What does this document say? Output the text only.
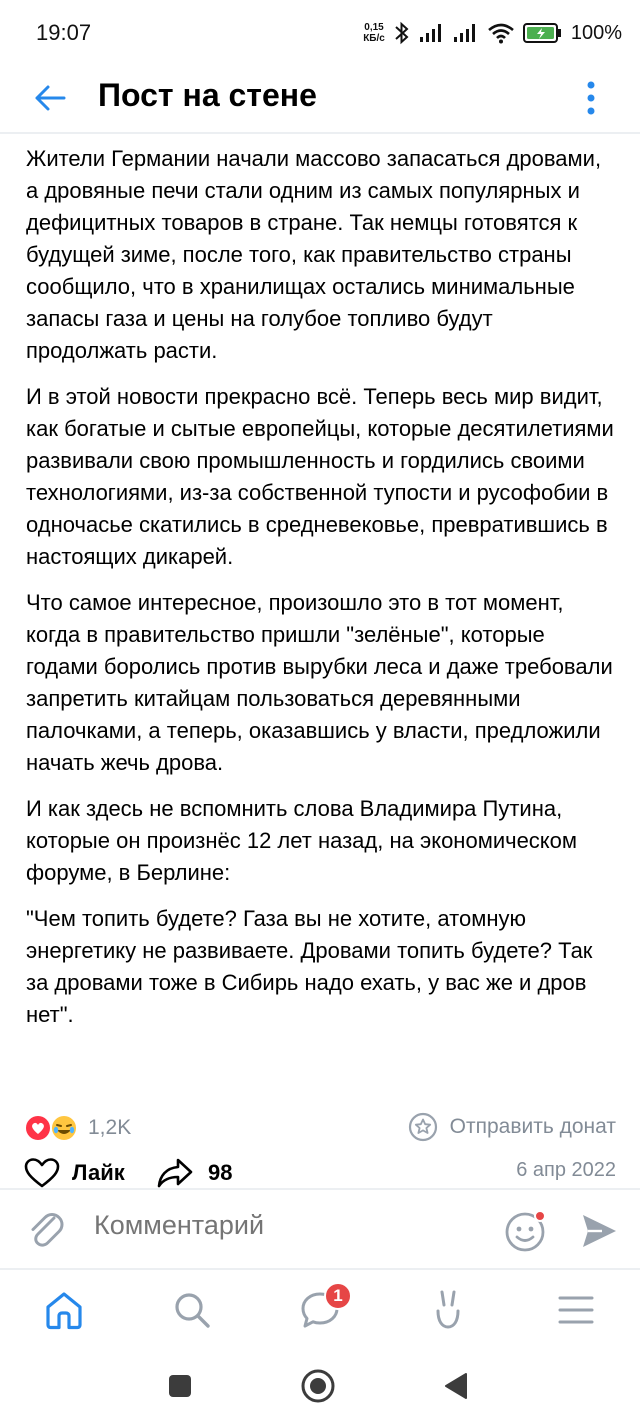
19:07	0,15
КБ/с	100%
Пост на стене

Жители Германии начали массово запасаться дровами, а дровяные печи стали одним из самых популярных и дефицитных товаров в стране. Так немцы готовятся к будущей зиме, после того, как правительство страны сообщило, что в хранилищах остались минимальные запасы газа и цены на голубое топливо будут продолжать расти.

И в этой новости прекрасно всё. Теперь весь мир видит, как богатые и сытые европейцы, которые десятилетиями развивали свою промышленность и гордились своими технологиями, из-за собственной тупости и русофобии в одночасье скатились в средневековье, превратившись в настоящих дикарей.

Что самое интересное, произошло это в тот момент, когда в правительство пришли "зелёные", которые годами боролись против вырубки леса и даже требовали запретить китайцам пользоваться деревянными палочками, а теперь, оказавшись у власти, предложили начать жечь дрова.

И как здесь не вспомнить слова Владимира Путина, которые он произнёс 12 лет назад, на экономическом форуме, в Берлине:

"Чем топить будете? Газа вы не хотите, атомную энергетику не развиваете. Дровами топить будете? Так за дровами тоже в Сибирь надо ехать, у вас же и дров нет".

1,2K	Отправить донат
Лайк	98	6 апр 2022
Комментарий
1
